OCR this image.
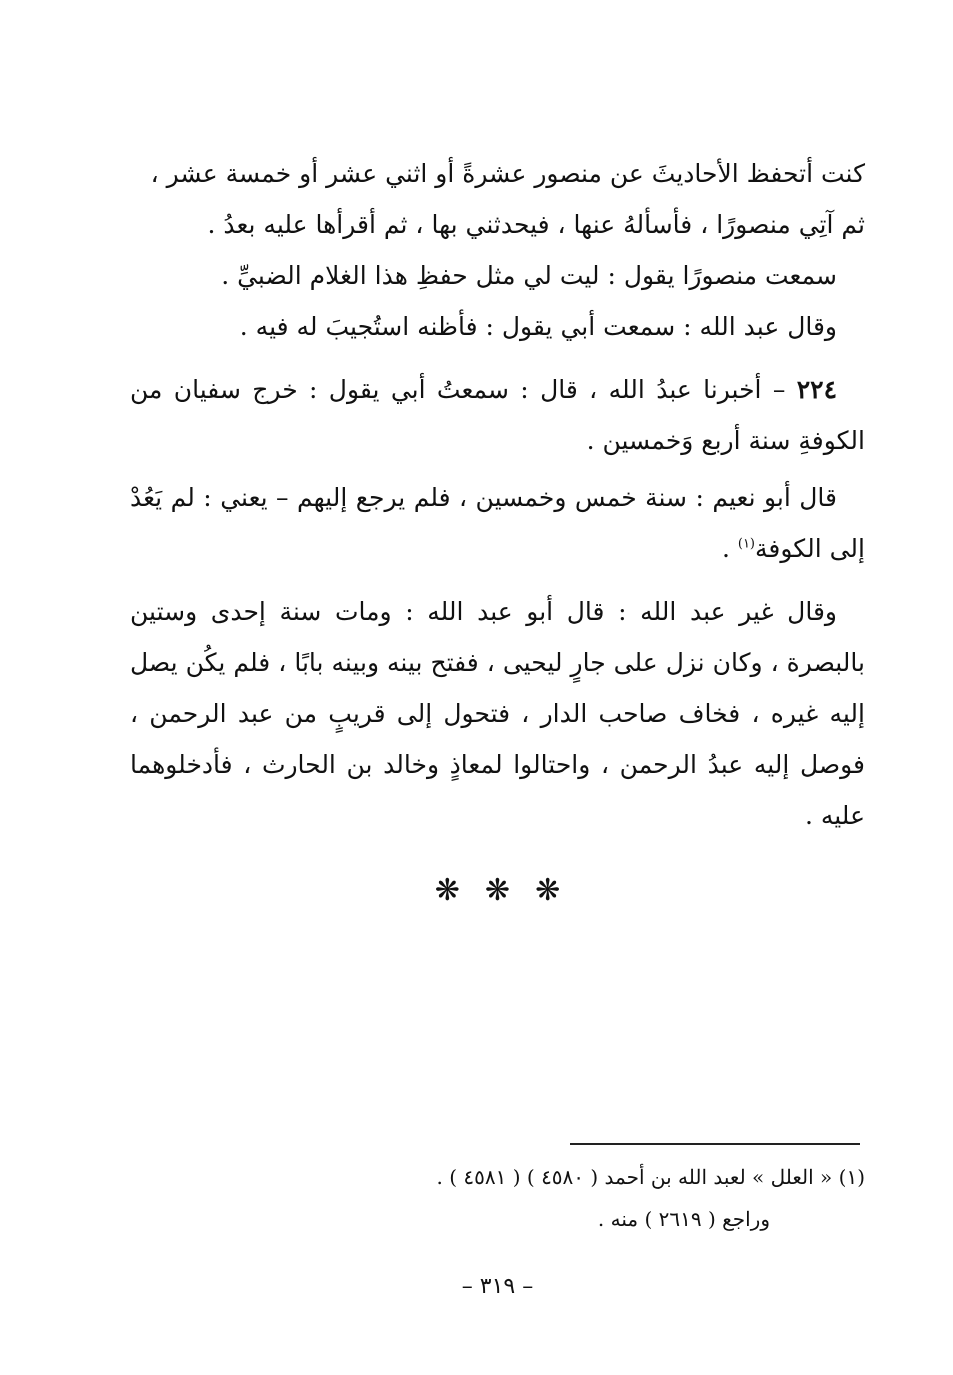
كنت أتحفظ الأحاديثَ عن منصور عشرةً أو اثني عشر أو خمسة عشر ،
ثم آتِي منصورًا ، فأسألهُ عنها ، فيحدثني بها ، ثم أقرأها عليه بعدُ .

سمعت منصورًا يقول : ليت لي مثل حفظِ هذا الغلام الضبيِّ .

وقال عبد الله : سمعت أبي يقول : فأظنه استُجيبَ له فيه .

٢٢٤ – أخبرنا عبدُ الله ، قال : سمعتُ أبي يقول : خرج سفيان من الكوفةِ سنة أربع وَخمسين .

قال أبو نعيم : سنة خمس وخمسين ، فلم يرجع إليهم – يعني : لم يَعُدْ إلى الكوفة$^{(١)}$ .

وقال غير عبد الله : قال أبو عبد الله : ومات سنة إحدى وستين بالبصرة ، وكان نزل على جارٍ ليحيى ، ففتح بينه وبينه بابًا ، فلم يكُن يصل إليه غيره ، فخاف صاحب الدار ، فتحول إلى قريبٍ من عبد الرحمن ، فوصل إليه عبدُ الرحمن ، واحتالوا لمعاذٍ وخالد بن الحارث ، فأدخلوهما عليه .

❋ ❋ ❋

(١) « العلل » لعبد الله بن أحمد ( ٤٥٨٠ ) ( ٤٥٨١ ) .

وراجع ( ٢٦١٩ ) منه .

– ٣١٩ –
